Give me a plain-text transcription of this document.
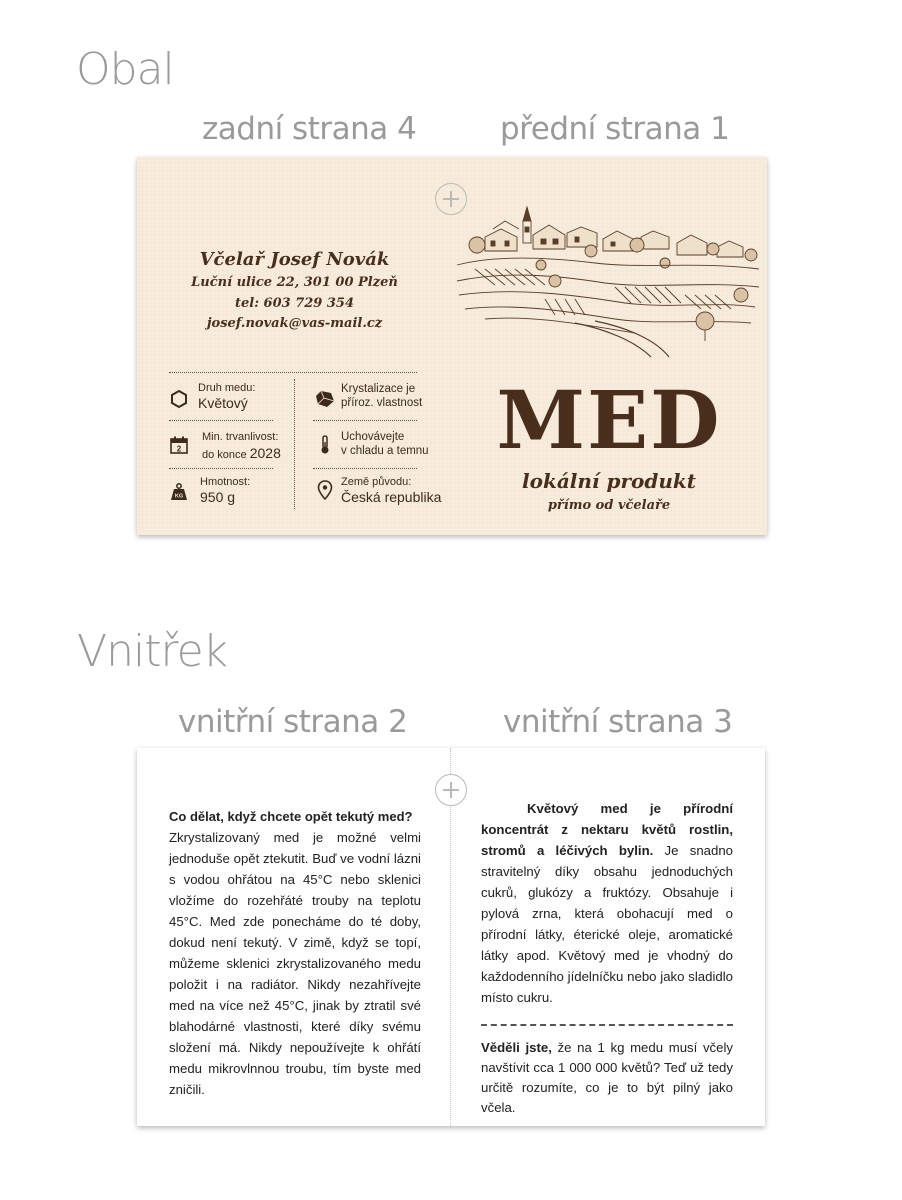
Obal
zadní strana 4	přední strana 1
Včelař Josef Novák
Luční ulice 22, 301 00 Plzeň
tel: 603 729 354
josef.novak@vas-mail.cz
Druh medu:
Květový
2
Min. trvanlivost:
do konce 2028
KG
Hmotnost:
950 g
Krystalizace je
příroz. vlastnost
Uchovávejte
v chladu a temnu
Země původu:
Česká republika
MED
lokální produkt
přímo od včelaře
Vnitřek
vnitřní strana 2	vnitřní strana 3
Co dělat, když chcete opět tekutý med?
Zkrystalizovaný med je možné velmi jednoduše opět ztekutit. Buď ve vodní lázni s vodou ohřátou na 45°C nebo sklenici vložíme do rozehřáté trouby na teplotu 45°C. Med zde ponecháme do té doby, dokud není tekutý. V zimě, když se topí, můžeme sklenici zkrystalizovaného medu položit i na radiátor. Nikdy nezahřívejte med na více než 45°C, jinak by ztratil své blahodárné vlastnosti, které díky svému složení má. Nikdy nepoužívejte k ohřátí medu mikrovlnnou troubu, tím byste med zničili.
Květový med je přírodní koncentrát z nektaru květů rostlin, stromů a léčivých bylin. Je snadno stravitelný díky obsahu jednoduchých cukrů, glukózy a fruktózy. Obsahuje i pylová zrna, která obohacují med o přírodní látky, éterické oleje, aromatické látky apod. Květový med je vhodný do každodenního jídelníčku nebo jako sladidlo místo cukru.
Věděli jste, že na 1 kg medu musí včely navštívit cca 1 000 000 květů? Teď už tedy určitě rozumíte, co je to být pilný jako včela.
